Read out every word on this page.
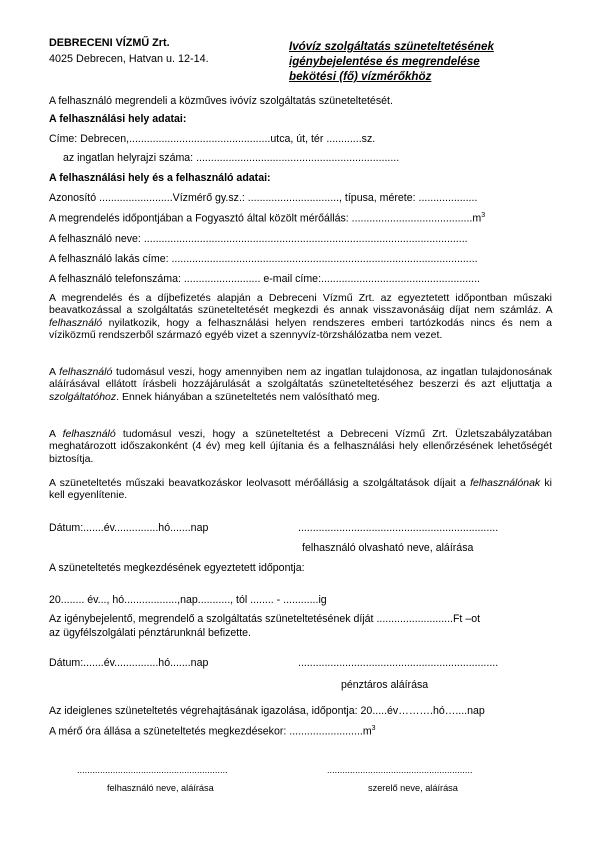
DEBRECENI VÍZMŰ Zrt.
4025 Debrecen, Hatvan u. 12-14.
Ivóvíz szolgáltatás szüneteltetésének
igénybejelentése és megrendelése
bekötési (fő) vízmérőkhöz
A felhasználó megrendeli a közműves ivóvíz szolgáltatás szüneteltetését.
A felhasználási hely adatai:
Címe: Debrecen,................................................utca, út, tér ............sz.
az ingatlan helyrajzi száma: .....................................................................
A felhasználási hely és a felhasználó adatai:
Azonosító .........................Vízmérő gy.sz.: ..............................., típusa, mérete: ....................
A megrendelés időpontjában a Fogyasztó által közölt mérőállás: $.........................................m^3$
A felhasználó neve: ..............................................................................................................
A felhasználó lakás címe: ........................................................................................................
A felhasználó telefonszáma: .......................... e-mail címe:......................................................
A megrendelés és a díjbefizetés alapján a Debreceni Vízmű Zrt. az egyeztetett időpontban műszaki beavatkozással a szolgáltatás szüneteltetését megkezdi és annak visszavonásáig díjat nem számláz. A felhasználó nyilatkozik, hogy a felhasználási helyen rendszeres emberi tartózkodás nincs és nem a víziközmű rendszerből származó egyéb vizet a szennyvíz-törzshálózatba nem vezet.
A felhasználó tudomásul veszi, hogy amennyiben nem az ingatlan tulajdonosa, az ingatlan tulajdonosának aláírásával ellátott írásbeli hozzájárulását a szolgáltatás szüneteltetéséhez beszerzi és azt eljuttatja a szolgáltatóhoz. Ennek hiányában a szüneteltetés nem valósítható meg.
A felhasználó tudomásul veszi, hogy a szüneteltetést a Debreceni Vízmű Zrt. Üzletszabályzatában meghatározott időszakonként (4 év) meg kell újítania és a felhasználási hely ellenőrzésének lehetőségét biztosítja.
A szüneteltetés műszaki beavatkozáskor leolvasott mérőállásig a szolgáltatások díjait a felhasználónak ki kell egyenlítenie.
Dátum:.......év...............hó.......nap	....................................................................
felhasználó olvasható neve, aláírása
A szüneteltetés megkezdésének egyeztetett időpontja:
20........ év..., hó..................,nap..........., tól ........ - ............ig
Az igénybejelentő, megrendelő a szolgáltatás szüneteltetésének díját ..........................Ft –ot
az ügyfélszolgálati pénztárunknál befizette.
Dátum:.......év...............hó.......nap	....................................................................
pénztáros aláírása
Az ideiglenes szüneteltetés végrehajtásának igazolása, időpontja: 20.....év……….hó…....nap
A mérő óra állása a szüneteltetés megkezdésekor: $.........................m^3$
...........................................................	.........................................................
felhasználó neve, aláírása	szerelő neve, aláírása
